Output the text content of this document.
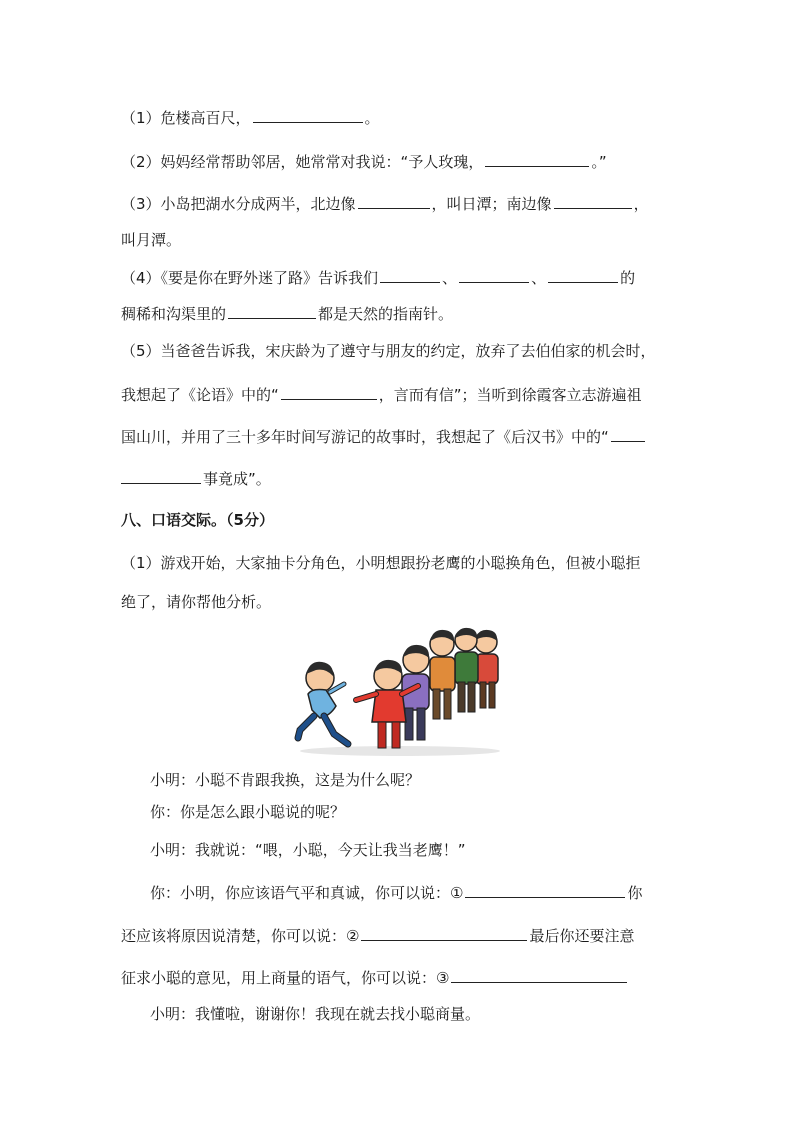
（1）危楼高百尺，	。
（2）妈妈经常帮助邻居，她常常对我说：“予人玫瑰，	。”
（3）小岛把湖水分成两半，北边像	，叫日潭；南边像	，
叫月潭。
（4）《要是你在野外迷了路》告诉我们	、	、	的
稠稀和沟渠里的	都是天然的指南针。
（5）当爸爸告诉我，宋庆龄为了遵守与朋友的约定，放弃了去伯伯家的机会时，
我想起了《论语》中的“	，言而有信”；当听到徐霞客立志游遍祖
国山川，并用了三十多年时间写游记的故事时，我想起了《后汉书》中的“
事竟成”。
八、口语交际。（5分）
（1）游戏开始，大家抽卡分角色，小明想跟扮老鹰的小聪换角色，但被小聪拒
绝了，请你帮他分析。
小明：小聪不肯跟我换，这是为什么呢？
你：你是怎么跟小聪说的呢？
小明：我就说：“喂，小聪，今天让我当老鹰！”
你：小明，你应该语气平和真诚，你可以说：①	你
还应该将原因说清楚，你可以说：②	最后你还要注意
征求小聪的意见，用上商量的语气，你可以说：③
小明：我懂啦，谢谢你！我现在就去找小聪商量。
